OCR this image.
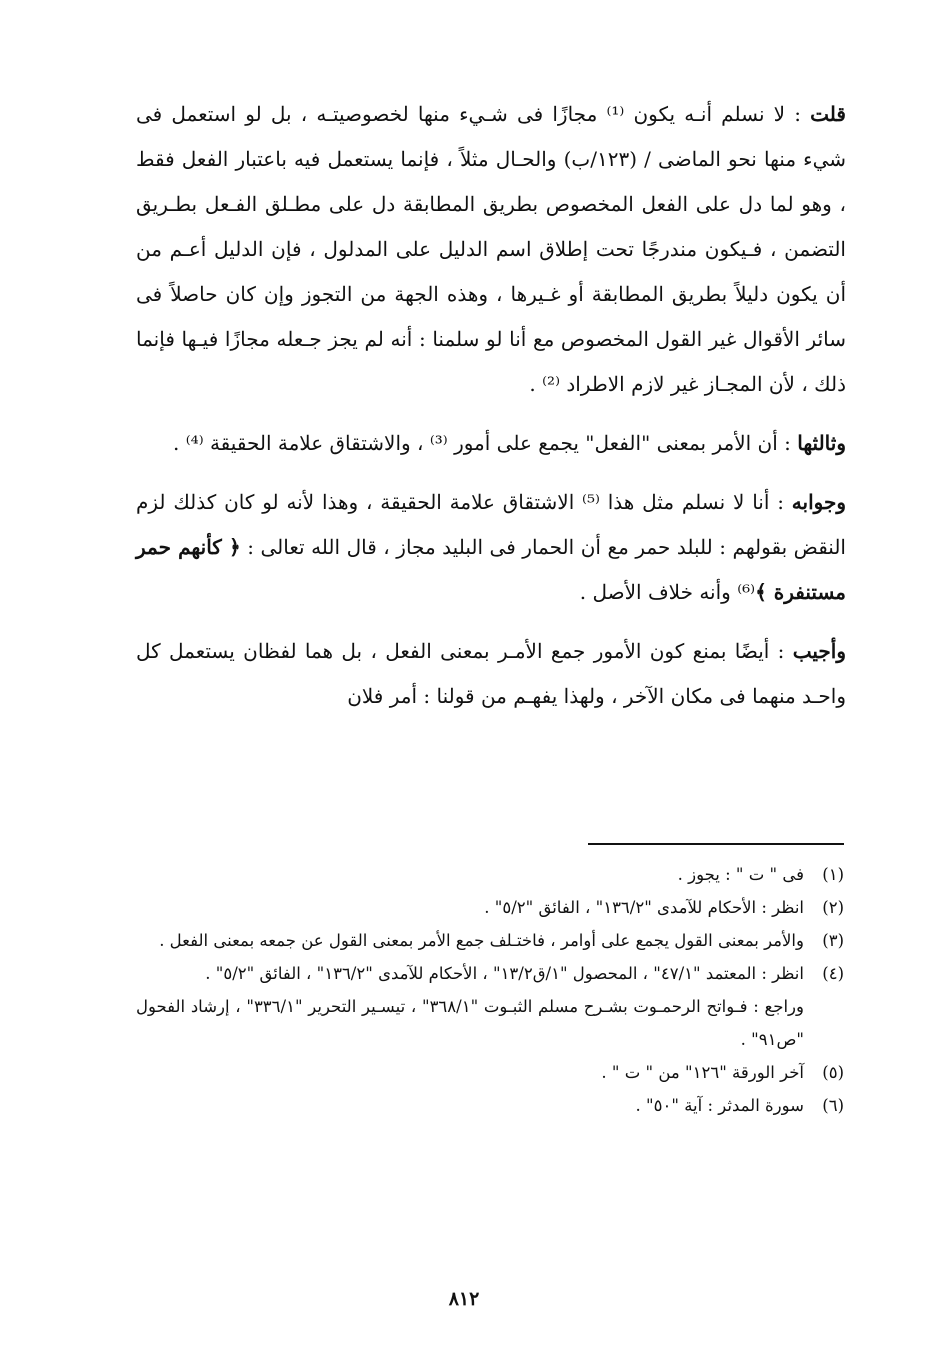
قلت : لا نسلم أنـه يكون ⁽¹⁾ مجازًا فى شـيء منها لخصوصيتـه ، بل لو استعمل فى شيء منها نحو الماضى / (١٢٣/ب) والحـال مثلاً ، فإنما يستعمل فيه باعتبار الفعل فقط ، وهو لما دل على الفعل المخصوص بطريق المطابقة دل على مطـلق الفـعل بطـريق التضمن ، فـيكون مندرجًا تحت إطلاق اسم الدليل على المدلول ، فإن الدليل أعـم من أن يكون دليلاً بطريق المطابقة أو غـيرها ، وهذه الجهة من التجوز وإن كان حاصلاً فى سائر الأقوال غير القول المخصوص مع أنا لو سلمنا : أنه لم يجز جـعله مجازًا فيـها فإنما ذلك ، لأن المجـاز غير لازم الاطراد ⁽²⁾ .

وثالثها : أن الأمر بمعنى "الفعل" يجمع على أمور ⁽³⁾ ، والاشتقاق علامة الحقيقة ⁽⁴⁾ .

وجوابه : أنا لا نسلم مثل هذا ⁽⁵⁾ الاشتقاق علامة الحقيقة ، وهذا لأنه لو كان كذلك لزم النقض بقولهم : للبلد حمر مع أن الحمار فى البليد مجاز ، قال الله تعالى : ﴿ كأنهم حمر مستنفرة ﴾⁽⁶⁾ وأنه خلاف الأصل .

وأجيب : أيضًا بمنع كون الأمور جمع الأمـر بمعنى الفعل ، بل هما لفظان يستعمل كل واحـد منهما فى مكان الآخر ، ولهذا يفهـم من قولنا : أمر فلان

(١)
فى " ت " : يجوز .
(٢)
انظر : الأحكام للآمدى "١٣٦/٢" ، الفائق "٥/٢" .
(٣)
والأمر بمعنى القول يجمع على أوامر ، فاختـلف جمع الأمر بمعنى القول عن جمعه بمعنى الفعل .
(٤)
انظر : المعتمد "٤٧/١" ، المحصول "١/ق١٣/٢" ، الأحكام للآمدى "١٣٦/٢" ، الفائق "٥/٢" .
وراجع : فـواتح الرحمـوت بشـرح مسلم الثبـوت "٣٦٨/١" ، تيسـير التحرير "٣٣٦/١" ، إرشاد الفحول "ص٩١" .
(٥)
آخر الورقة "١٢٦" من " ت " .
(٦)
سورة المدثر : آية "٥٠" .
٨١٢
